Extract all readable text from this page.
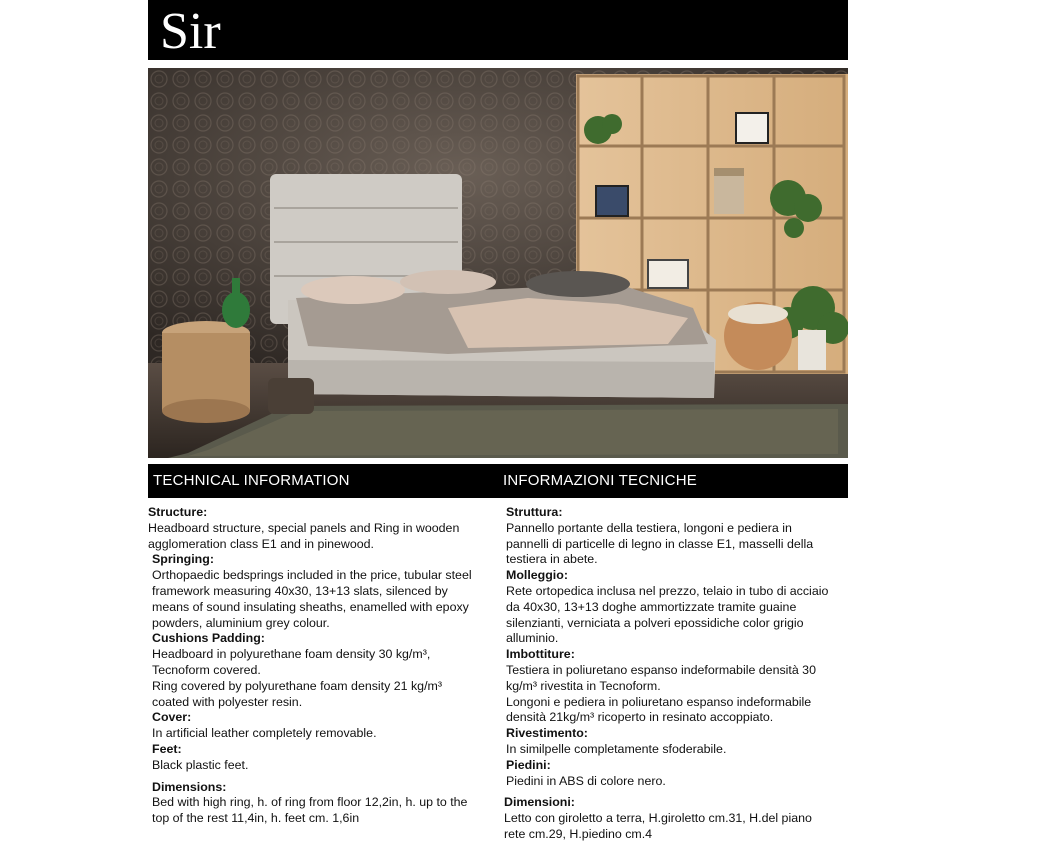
Sir
TECHNICAL INFORMATION	INFORMAZIONI TECNICHE
Structure:
Headboard structure, special panels and Ring in wooden
agglomeration class E1 and in pinewood.
Springing:
Orthopaedic bedsprings included in the price, tubular steel
framework measuring 40x30, 13+13 slats, silenced by
means of sound insulating sheaths, enamelled with epoxy
powders, aluminium grey colour.
Cushions Padding:
Headboard in polyurethane foam density 30 kg/m³,
Tecnoform covered.
Ring covered by polyurethane foam density 21 kg/m³
coated with polyester resin.
Cover:
In artificial leather completely removable.
Feet:
Black plastic feet.
Dimensions:
Bed with high ring, h. of ring from floor 12,2in, h. up to the
top of the rest 11,4in, h. feet cm. 1,6in
Struttura:
Pannello portante della testiera, longoni e pediera in
pannelli di particelle di legno in classe E1, masselli della
testiera in abete.
Molleggio:
Rete ortopedica inclusa nel prezzo, telaio in tubo di acciaio
da 40x30, 13+13 doghe ammortizzate tramite guaine
silenzianti, verniciata a polveri epossidiche color grigio
alluminio.
Imbottiture:
Testiera in poliuretano espanso indeformabile densità 30
kg/m³ rivestita in Tecnoform.
Longoni e pediera in poliuretano espanso indeformabile
densità 21kg/m³ ricoperto in resinato accoppiato.
Rivestimento:
In similpelle completamente sfoderabile.
Piedini:
Piedini in ABS di colore nero.
Dimensioni:
Letto con giroletto a terra, H.giroletto cm.31, H.del piano
rete cm.29, H.piedino cm.4
